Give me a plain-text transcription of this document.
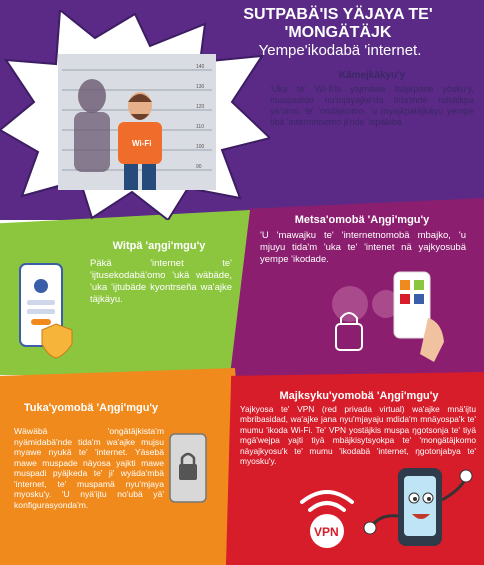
140
130
120
110
100
90
Wi-Fi
SUTPABÄ'IS YÄJAYA TE' 'MONGÄTÄJK
Yempe'ikodabä 'internet.

Kämejkäkyu'y

'Uka te' Wi-fi'is yajmawe tsäjkpade yösku'y, muspadide nu'mjayajke'da tida'mde ndsäjkpa yä'omo, te' 'ondäjkomo, 'u myajkpatäjkäyu yempe tibä 'internetnomo ji'nde 'ispäkibä.

Witpä 'aŋgi'mgu'y

Päkä 'internet te' 'ijtusekodabä'omo 'ukä wäbäde, 'uka 'ijtubäde kyontrseña wa'ajke täjkäyu.

Metsa'omobä 'Aŋgi'mgu'y

'U 'mawajku te' 'internetnomobä mbajko, 'u mjuyu tida'm 'uka te' 'intenet nä yajkyosubä yempe 'ikodade.

Tuka'yomobä 'Aŋgi'mgu'y

Wäwäbä 'ongätäjkista'm nyämidabä'nde tida'm wa'ajke mujsu myawe nyukä te' 'internet. Yäsebä mawe muspade näyosa yajkti mawe muspadi pyäjkeda te' ji' wyäda'mbä 'internet, te' muspamä nyu'mjaya myosku'y. 'U nyä'ijtu no'ubä yä' konfigurasyonda'm.

Majksyku'yomobä 'Aŋgi'mgu'y

Yajkyosa te' VPN (red privada virtual) wa'ajke mnä'ijtu mbribasidad, wa'ajke jana nyu'mjayaju mdida'm mnäyospa'k te' mumu 'ikoda Wi-Fi. Te' VPN yostäjkis muspa ŋgotsonja te' tiyä mgä'wejpa yajti tiyä mbäjkisytsyokpa te' 'mongätäjkomo näyajkyosu'k te' mumu 'ikodabä 'internet, ŋgotonjabya te' myosku'y.

VPN
